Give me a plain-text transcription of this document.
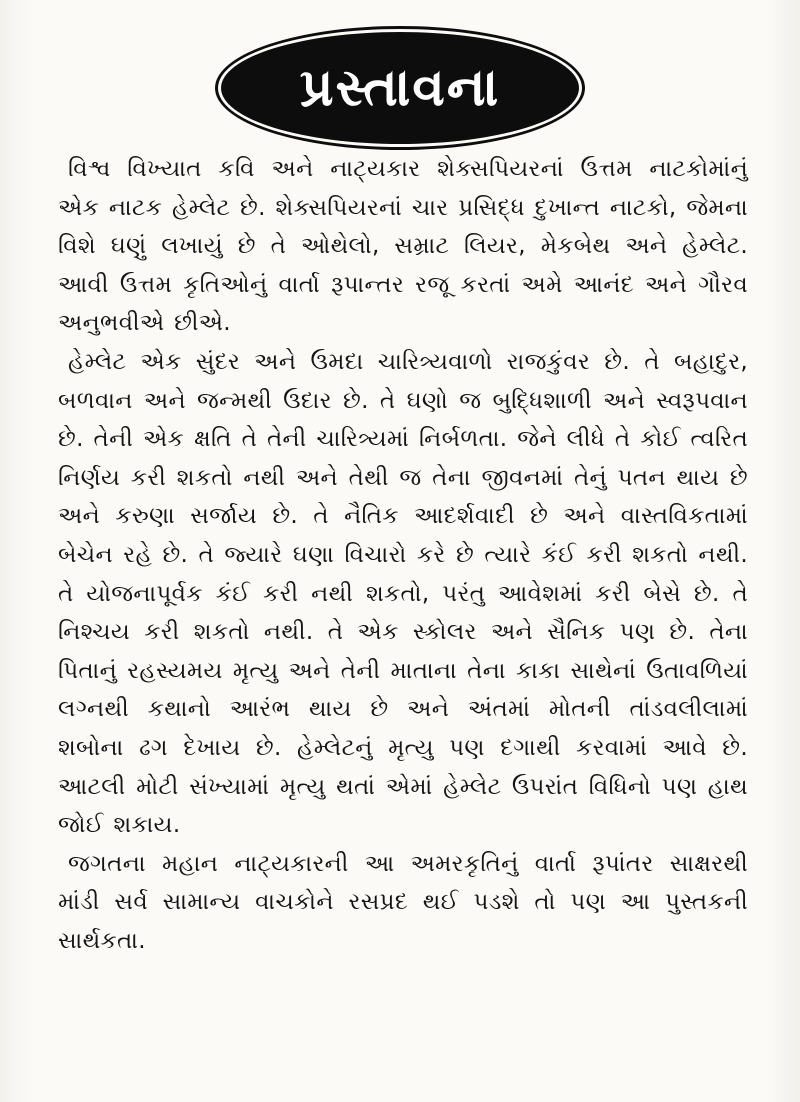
પ્રસ્તાવના

વિશ્વ વિખ્યાત કવિ અને નાટ્યકાર શેક્સપિયરનાં ઉત્તમ નાટકોમાંનું એક નાટક હેમ્લેટ છે. શેક્સપિયરનાં ચાર પ્રસિદ્ધ દુખાન્ત નાટકો, જેમના વિશે ઘણું લખાયું છે તે ઓથેલો, સમ્રાટ લિયર, મેકબેથ અને હેમ્લેટ. આવી ઉત્તમ કૃતિઓનું વાર્તા રૂપાન્તર રજૂ કરતાં અમે આનંદ અને ગૌરવ અનુભવીએ છીએ.

હેમ્લેટ એક સુંદર અને ઉમદા ચારિત્ર્યવાળો રાજકુંવર છે. તે બહાદુર, બળવાન અને જન્મથી ઉદાર છે. તે ઘણો જ બુદ્ધિશાળી અને સ્વરૂપવાન છે. તેની એક ક્ષતિ તે તેની ચારિત્ર્યમાં નિર્બળતા. જેને લીધે તે કોઈ ત્વરિત નિર્ણય કરી શકતો નથી અને તેથી જ તેના જીવનમાં તેનું પતન થાય છે અને કરુણા સર્જાય છે. તે નૈતિક આદર્શવાદી છે અને વાસ્તવિકતામાં બેચેન રહે છે. તે જ્યારે ઘણા વિચારો કરે છે ત્યારે કંઈ કરી શકતો નથી. તે યોજનાપૂર્વક કંઈ કરી નથી શકતો, પરંતુ આવેશમાં કરી બેસે છે. તે નિશ્ચય કરી શકતો નથી. તે એક સ્કોલર અને સૈનિક પણ છે. તેના પિતાનું રહસ્યમય મૃત્યુ અને તેની માતાના તેના કાકા સાથેનાં ઉતાવળિયાં લગ્નથી કથાનો આરંભ થાય છે અને અંતમાં મોતની તાંડવલીલામાં શબોના ઢગ દેખાય છે. હેમ્લેટનું મૃત્યુ પણ દગાથી કરવામાં આવે છે. આટલી મોટી સંખ્યામાં મૃત્યુ થતાં એમાં હેમ્લેટ ઉપરાંત વિધિનો પણ હાથ જોઈ શકાય.

જગતના મહાન નાટ્યકારની આ અમરકૃતિનું વાર્તા રૂપાંતર સાક્ષરથી માંડી સર્વ સામાન્ય વાચકોને રસપ્રદ થઈ પડશે તો પણ આ પુસ્તકની સાર્થકતા.
